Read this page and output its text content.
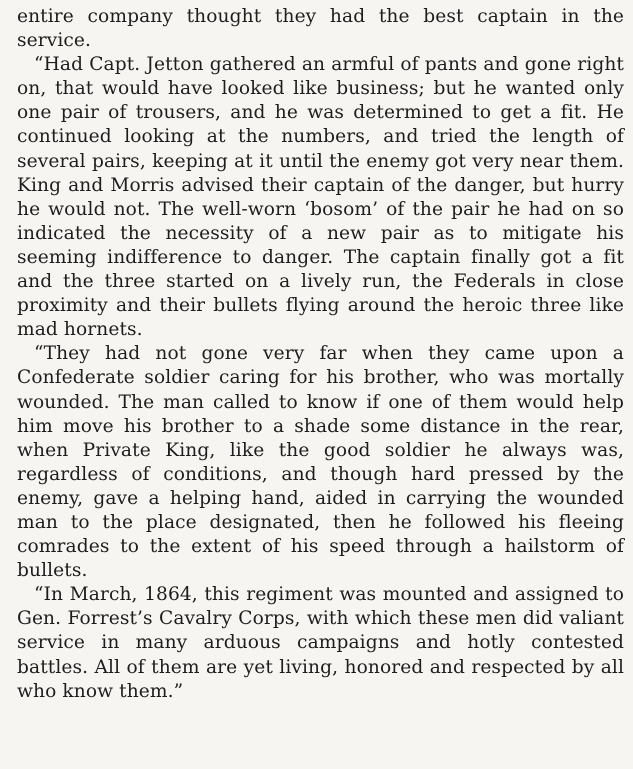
entire company thought they had the best captain in the service.

“Had Capt. Jetton gathered an armful of pants and gone right on, that would have looked like business; but he wanted only one pair of trousers, and he was determined to get a fit. He continued looking at the numbers, and tried the length of several pairs, keeping at it until the enemy got very near them. King and Morris advised their captain of the danger, but hurry he would not. The well-worn ‘bosom’ of the pair he had on so indicated the necessity of a new pair as to mitigate his seeming indifference to danger. The captain finally got a fit and the three started on a lively run, the Federals in close proximity and their bullets flying around the heroic three like mad hornets.

“They had not gone very far when they came upon a Confederate soldier caring for his brother, who was mortally wounded. The man called to know if one of them would help him move his brother to a shade some distance in the rear, when Private King, like the good soldier he always was, regardless of conditions, and though hard pressed by the enemy, gave a helping hand, aided in carrying the wounded man to the place designated, then he followed his fleeing comrades to the extent of his speed through a hailstorm of bullets.

“In March, 1864, this regiment was mounted and assigned to Gen. Forrest’s Cavalry Corps, with which these men did valiant service in many arduous campaigns and hotly contested battles. All of them are yet living, honored and respected by all who know them.”
